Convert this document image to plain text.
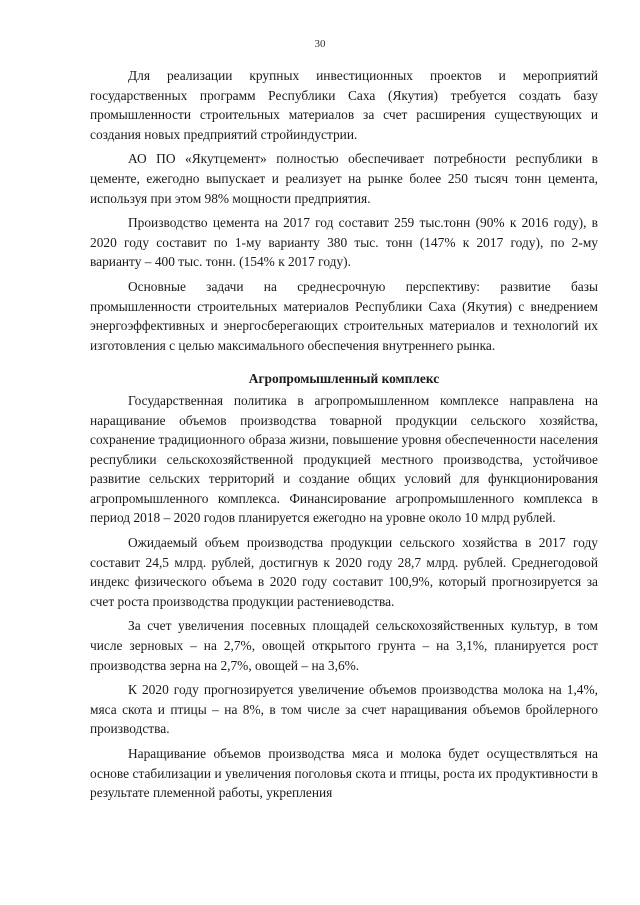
30

Для реализации крупных инвестиционных проектов и мероприятий государственных программ Республики Саха (Якутия) требуется создать базу промышленности строительных материалов за счет расширения существующих и создания новых предприятий стройиндустрии.

АО ПО «Якутцемент» полностью обеспечивает потребности республики в цементе, ежегодно выпускает и реализует на рынке более 250 тысяч тонн цемента, используя при этом 98% мощности предприятия.

Производство цемента на 2017 год составит 259 тыс.тонн (90% к 2016 году), в 2020 году составит по 1-му варианту 380 тыс. тонн (147% к 2017 году), по 2-му варианту – 400 тыс. тонн. (154% к 2017 году).

Основные задачи на среднесрочную перспективу: развитие базы промышленности строительных материалов Республики Саха (Якутия) с внедрением энергоэффективных и энергосберегающих строительных материалов и технологий их изготовления с целью максимального обеспечения внутреннего рынка.

Агропромышленный комплекс

Государственная политика в агропромышленном комплексе направлена на наращивание объемов производства товарной продукции сельского хозяйства, сохранение традиционного образа жизни, повышение уровня обеспеченности населения республики сельскохозяйственной продукцией местного производства, устойчивое развитие сельских территорий и создание общих условий для функционирования агропромышленного комплекса. Финансирование агропромышленного комплекса в период 2018 – 2020 годов планируется ежегодно на уровне около 10 млрд рублей.

Ожидаемый объем производства продукции сельского хозяйства в 2017 году составит 24,5 млрд. рублей, достигнув к 2020 году 28,7 млрд. рублей. Среднегодовой индекс физического объема в 2020 году составит 100,9%, который прогнозируется за счет роста производства продукции растениеводства.

За счет увеличения посевных площадей сельскохозяйственных культур, в том числе зерновых – на 2,7%, овощей открытого грунта – на 3,1%, планируется рост производства зерна на 2,7%, овощей – на 3,6%.

К 2020 году прогнозируется увеличение объемов производства молока на 1,4%, мяса скота и птицы – на 8%, в том числе за счет наращивания объемов бройлерного производства.

Наращивание объемов производства мяса и молока будет осуществляться на основе стабилизации и увеличения поголовья скота и птицы, роста их продуктивности в результате племенной работы, укрепления
